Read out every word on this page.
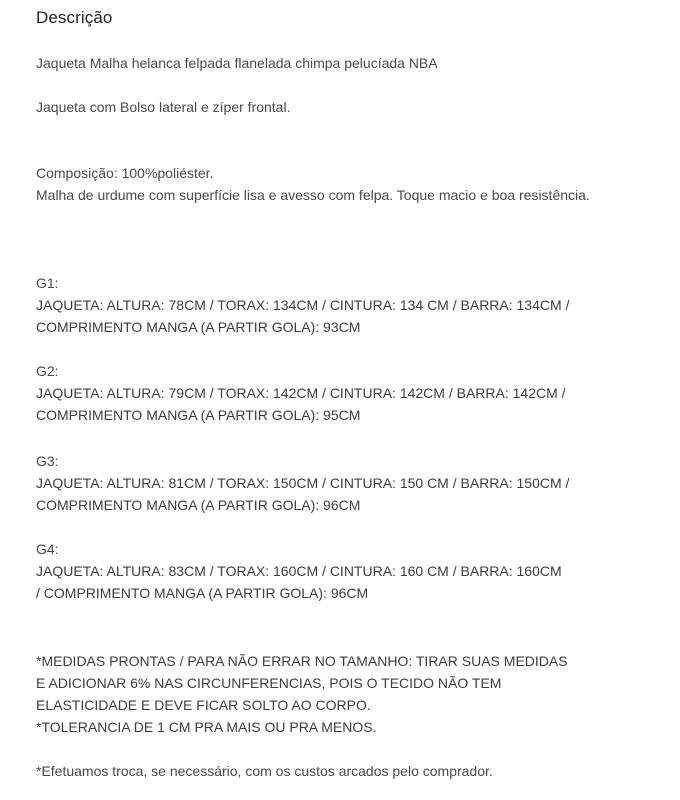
Descrição
Jaqueta Malha helanca felpada flanelada chimpa pelucíada NBA
Jaqueta com Bolso lateral e zíper frontal.
Composição: 100%poliéster.
Malha de urdume com superfície lisa e avesso com felpa. Toque macio e boa resistência.
G1:
JAQUETA: ALTURA: 78CM / TORAX: 134CM / CINTURA: 134 CM / BARRA: 134CM /
COMPRIMENTO MANGA (A PARTIR GOLA): 93CM
G2:
JAQUETA: ALTURA: 79CM / TORAX: 142CM / CINTURA: 142CM / BARRA: 142CM /
COMPRIMENTO MANGA (A PARTIR GOLA): 95CM
G3:
JAQUETA: ALTURA: 81CM / TORAX: 150CM / CINTURA: 150 CM / BARRA: 150CM /
COMPRIMENTO MANGA (A PARTIR GOLA): 96CM
G4:
JAQUETA: ALTURA: 83CM / TORAX: 160CM / CINTURA: 160 CM / BARRA: 160CM
/ COMPRIMENTO MANGA (A PARTIR GOLA): 96CM
*MEDIDAS PRONTAS / PARA NÃO ERRAR NO TAMANHO: TIRAR SUAS MEDIDAS
E ADICIONAR 6% NAS CIRCUNFERENCIAS, POIS O TECIDO NÃO TEM
ELASTICIDADE E DEVE FICAR SOLTO AO CORPO.
*TOLERANCIA DE 1 CM PRA MAIS OU PRA MENOS.
*Efetuamos troca, se necessário, com os custos arcados pelo comprador.
